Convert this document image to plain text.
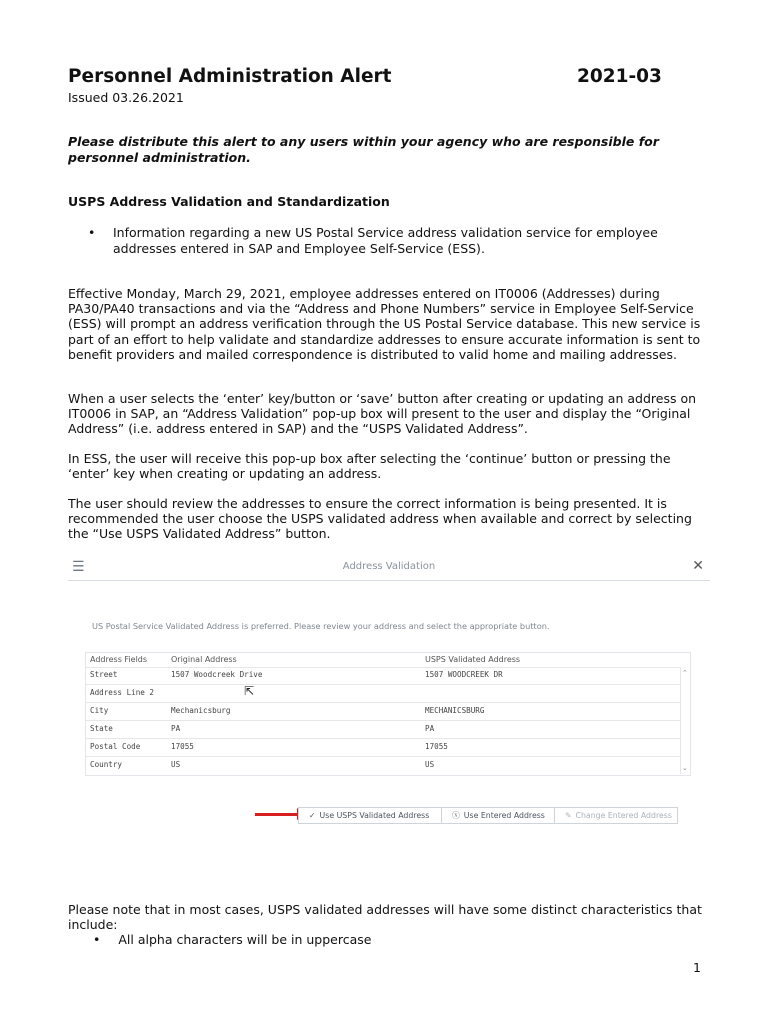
Personnel Administration Alert	2021-03
Issued 03.26.2021
Please distribute this alert to any users within your agency who are responsible for personnel administration.
USPS Address Validation and Standardization
• Information regarding a new US Postal Service address validation service for employee addresses entered in SAP and Employee Self-Service (ESS).
Effective Monday, March 29, 2021, employee addresses entered on IT0006 (Addresses) during PA30/PA40 transactions and via the “Address and Phone Numbers” service in Employee Self-Service (ESS) will prompt an address verification through the US Postal Service database. This new service is part of an effort to help validate and standardize addresses to ensure accurate information is sent to benefit providers and mailed correspondence is distributed to valid home and mailing addresses.
When a user selects the ‘enter’ key/button or ‘save’ button after creating or updating an address on IT0006 in SAP, an “Address Validation” pop-up box will present to the user and display the “Original Address” (i.e. address entered in SAP) and the “USPS Validated Address”.
In ESS, the user will receive this pop-up box after selecting the ‘continue’ button or pressing the ‘enter’ key when creating or updating an address.
The user should review the addresses to ensure the correct information is being presented. It is recommended the user choose the USPS validated address when available and correct by selecting the “Use USPS Validated Address” button.
☰	Address Validation	✕
US Postal Service Validated Address is preferred. Please review your address and select the appropriate button.
Address Fields	Original Address	USPS Validated Address
Street	1507 Woodcreek Drive	1507 WOODCREEK DR
Address Line 2
City	Mechanicsburg	MECHANICSBURG
State	PA	PA
Postal Code	17055	17055
Country	US	US
⌃
⌄
⇱
✓ Use USPS Validated Address	ⓧ Use Entered Address	✎ Change Entered Address
Please note that in most cases, USPS validated addresses will have some distinct characteristics that include:
• All alpha characters will be in uppercase
1
